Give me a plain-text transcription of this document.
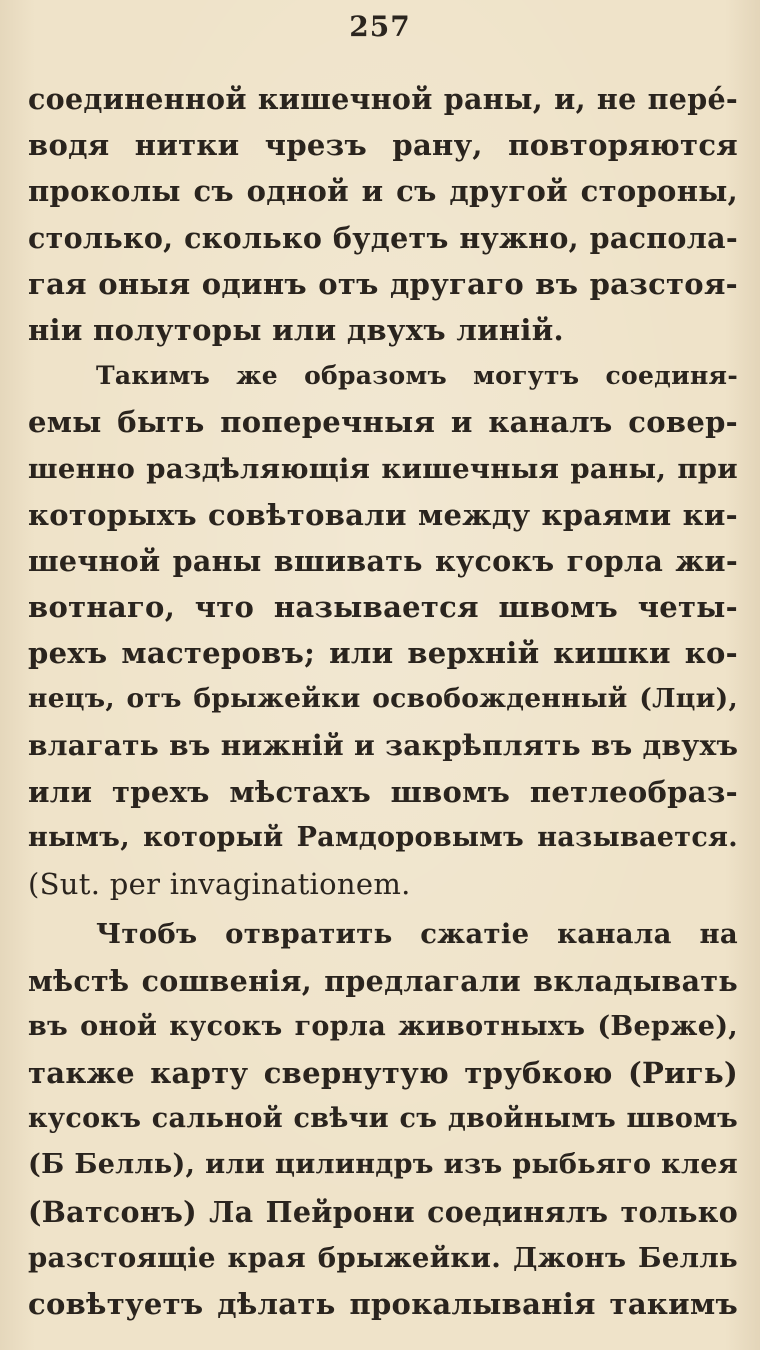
257
соединенной кишечной раны, и, не перé-
водя нитки чрезъ рану, повторяются
проколы съ одной и съ другой стороны,
столько, сколько будетъ нужно, распола-
гая оныя одинъ отъ другаго въ разстоя-
нiи полуторы или двухъ линiй.
Такимъ же образомъ могутъ соединя-
емы быть поперечныя и каналъ совер-
шенно раздѣляющiя кишечныя раны, при
которыхъ совѣтовали между краями ки-
шечной раны вшивать кусокъ горла жи-
вотнаго, что называется швомъ четы-
рехъ мастеровъ; или верхнiй кишки ко-
нецъ, отъ брыжейки освобожденный (Лци),
влагать въ нижнiй и закрѣплять въ двухъ
или трехъ мѣстахъ швомъ петлеобраз-
нымъ, который Рамдоровымъ называется.
(Sut. per invaginationem.
Чтобъ отвратить сжатiе канала на
мѣстѣ сошвенiя, предлагали вкладывать
въ оной кусокъ горла животныхъ (Верже),
также карту свернутую трубкою (Ригь)
кусокъ сальной свѣчи съ двойнымъ швомъ
(Б Белль), или цилиндръ изъ рыбьяго клея
(Ватсонъ) Ла Пейрони соединялъ только
разстоящiе края брыжейки. Джонъ Белль
совѣтуетъ дѣлать прокалыванiя такимъ
